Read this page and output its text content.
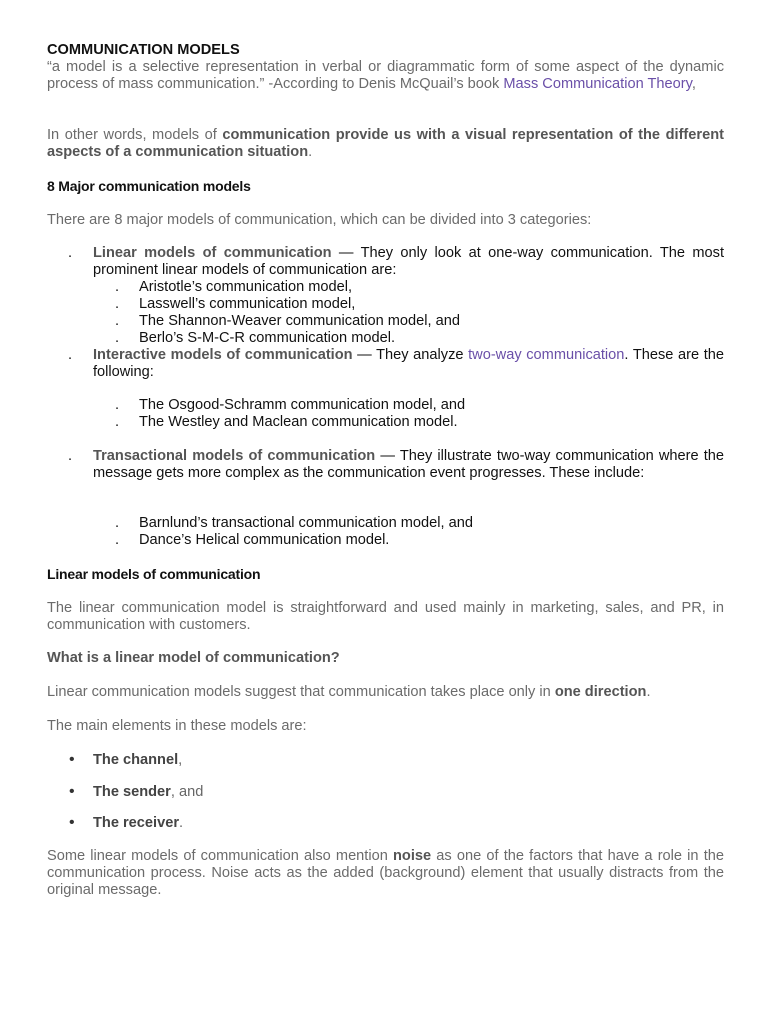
COMMUNICATION MODELS

“a model is a selective representation in verbal or diagrammatic form of some aspect of the dynamic process of mass communication.” -According to Denis McQuail’s book Mass Communication Theory,

In other words, models of communication provide us with a visual representation of the different aspects of a communication situation.

8 Major communication models

There are 8 major models of communication, which can be divided into 3 categories:

. Linear models of communication — They only look at one-way communication. The most prominent linear models of communication are:
. Aristotle’s communication model,
. Lasswell’s communication model,
. The Shannon-Weaver communication model, and
. Berlo’s S-M-C-R communication model.
. Interactive models of communication — They analyze two-way communication. These are the following:
. The Osgood-Schramm communication model, and
. The Westley and Maclean communication model.
. Transactional models of communication — They illustrate two-way communication where the message gets more complex as the communication event progresses. These include:
. Barnlund’s transactional communication model, and
. Dance’s Helical communication model.
Linear models of communication

The linear communication model is straightforward and used mainly in marketing, sales, and PR, in communication with customers.

What is a linear model of communication?

Linear communication models suggest that communication takes place only in one direction.

The main elements in these models are:

• The channel,
• The sender, and
• The receiver.

Some linear models of communication also mention noise as one of the factors that have a role in the communication process. Noise acts as the added (background) element that usually distracts from the original message.
